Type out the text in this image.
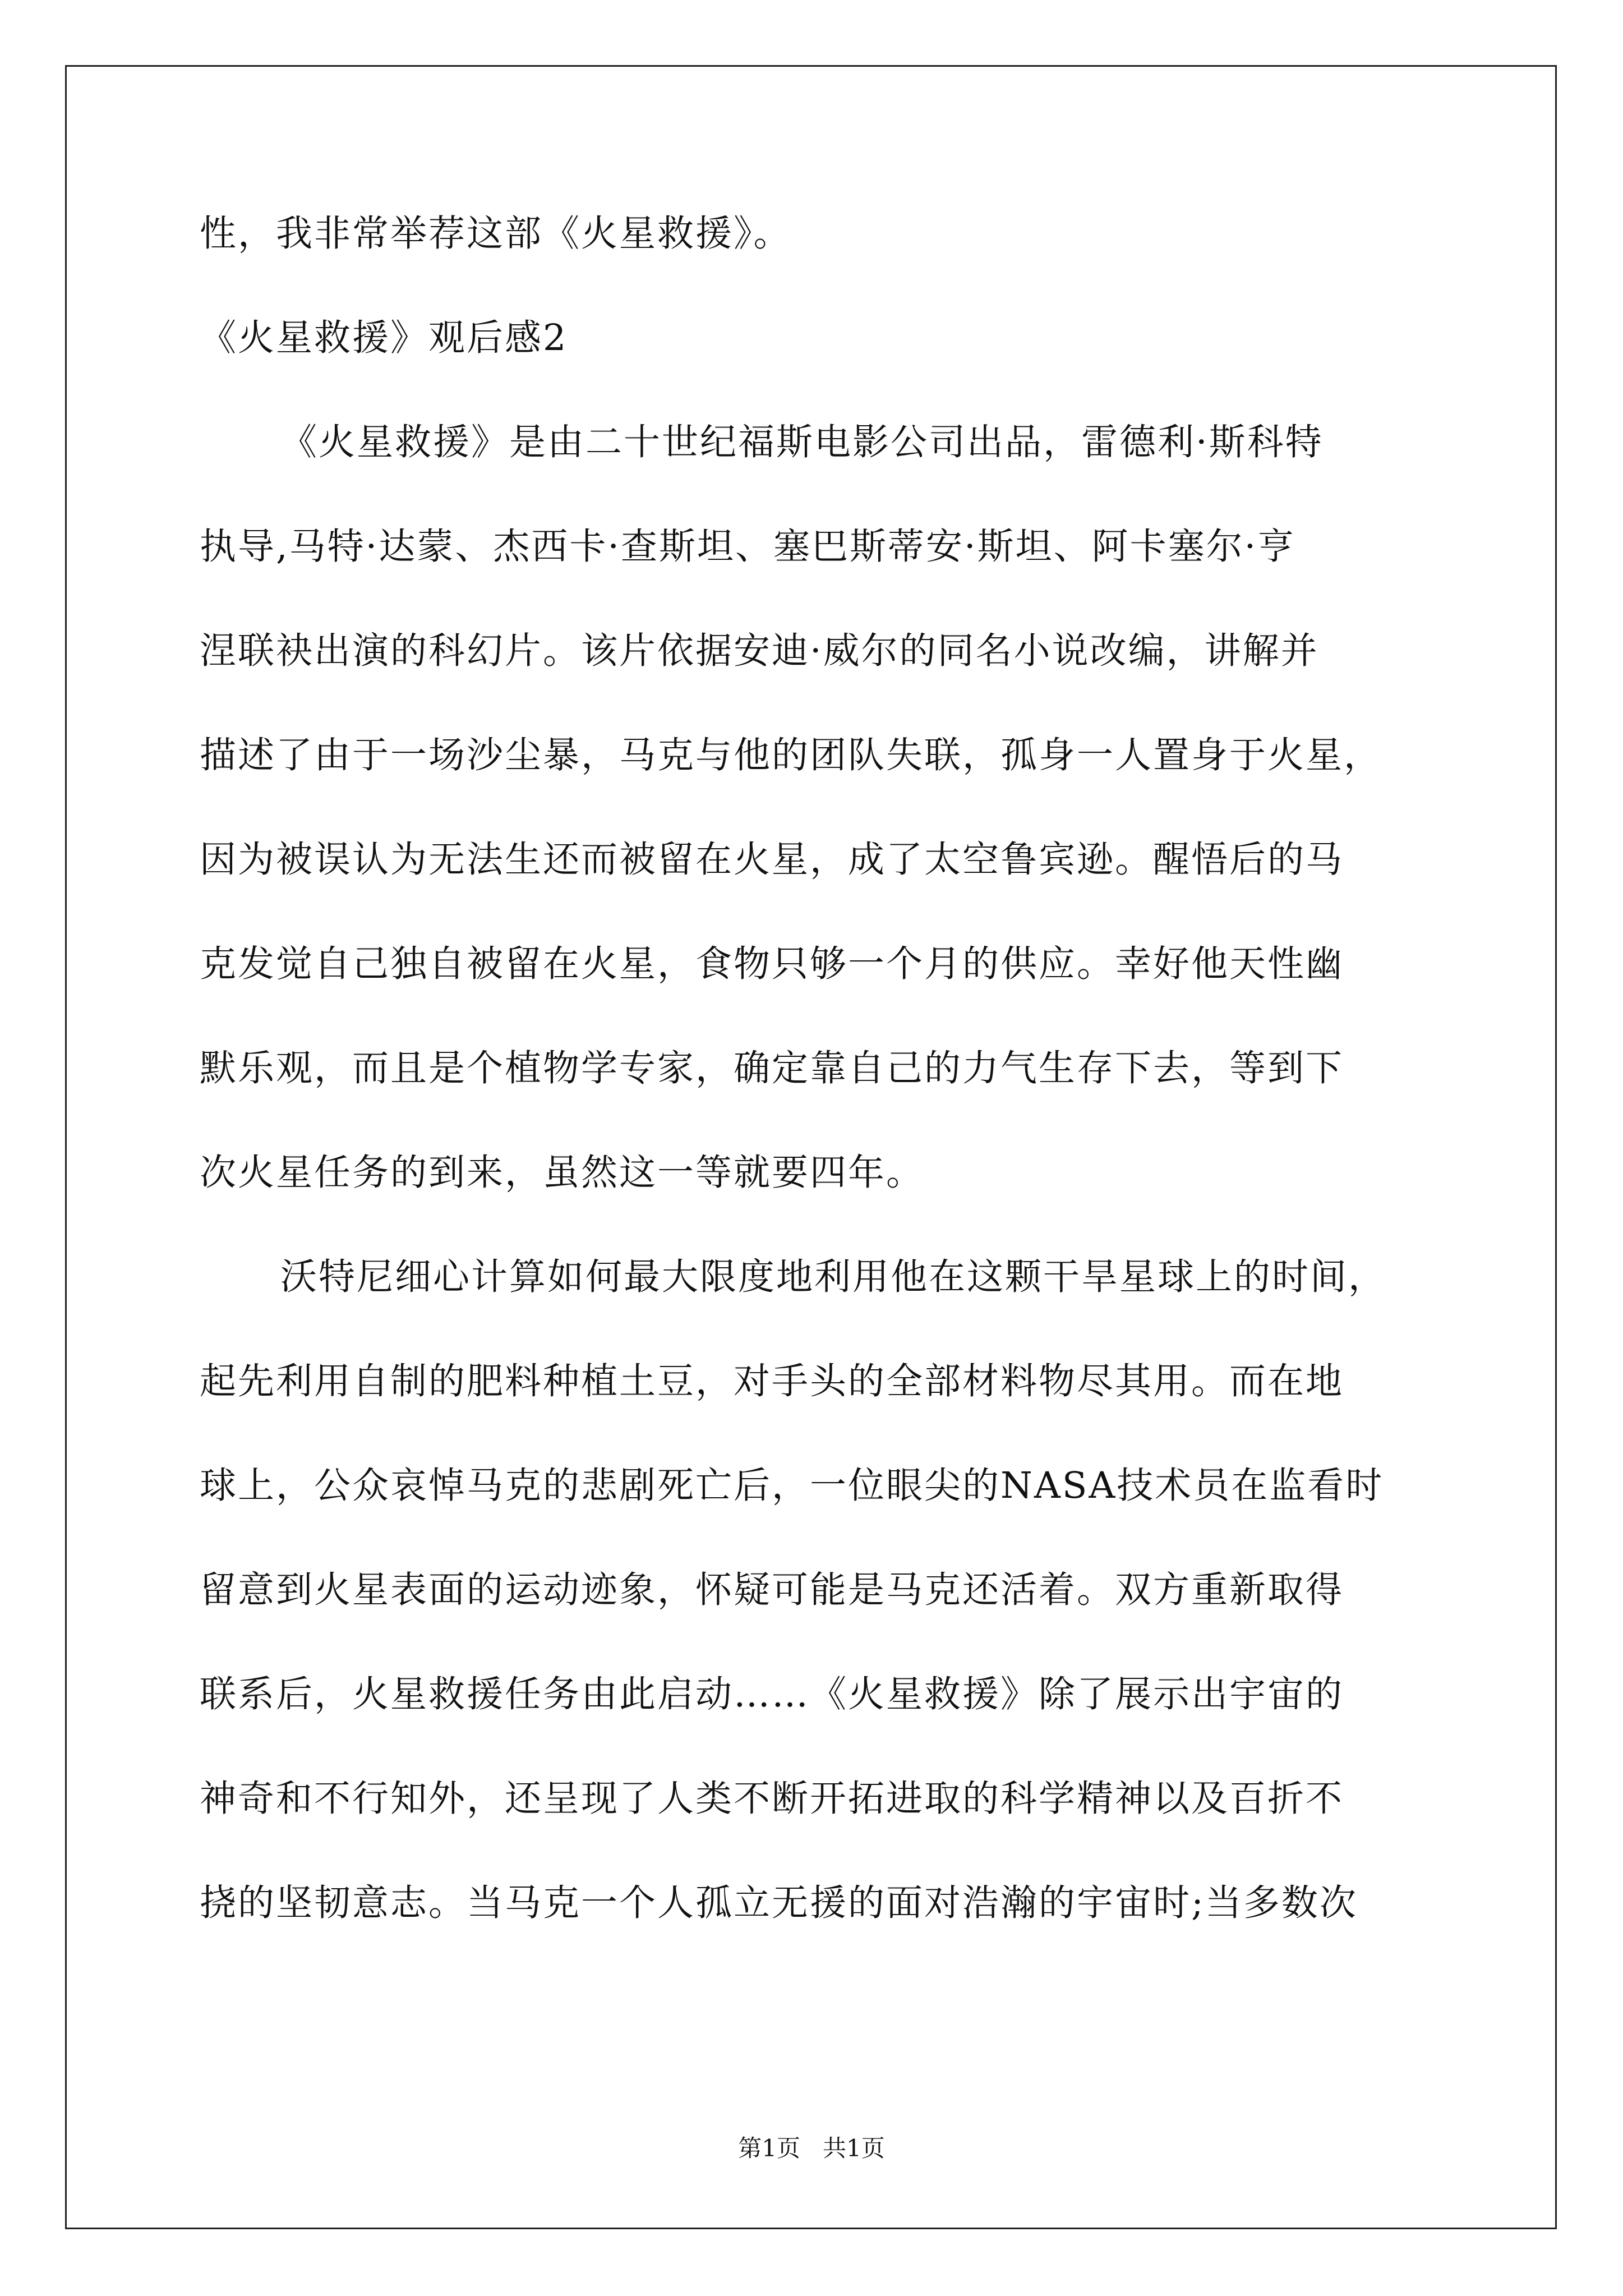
性，我非常举荐这部《火星救援》。
《火星救援》观后感2
《火星救援》是由二十世纪福斯电影公司出品，雷德利·斯科特
执导,马特·达蒙、杰西卡·查斯坦、塞巴斯蒂安·斯坦、阿卡塞尔·亨
涅联袂出演的科幻片。该片依据安迪·威尔的同名小说改编，讲解并
描述了由于一场沙尘暴，马克与他的团队失联，孤身一人置身于火星，
因为被误认为无法生还而被留在火星，成了太空鲁宾逊。醒悟后的马
克发觉自己独自被留在火星，食物只够一个月的供应。幸好他天性幽
默乐观，而且是个植物学专家，确定靠自己的力气生存下去，等到下
次火星任务的到来，虽然这一等就要四年。
沃特尼细心计算如何最大限度地利用他在这颗干旱星球上的时间，
起先利用自制的肥料种植土豆，对手头的全部材料物尽其用。而在地
球上，公众哀悼马克的悲剧死亡后，一位眼尖的NASA技术员在监看时
留意到火星表面的运动迹象，怀疑可能是马克还活着。双方重新取得
联系后，火星救援任务由此启动……《火星救援》除了展示出宇宙的
神奇和不行知外，还呈现了人类不断开拓进取的科学精神以及百折不
挠的坚韧意志。当马克一个人孤立无援的面对浩瀚的宇宙时;当多数次
第1页   共1页
